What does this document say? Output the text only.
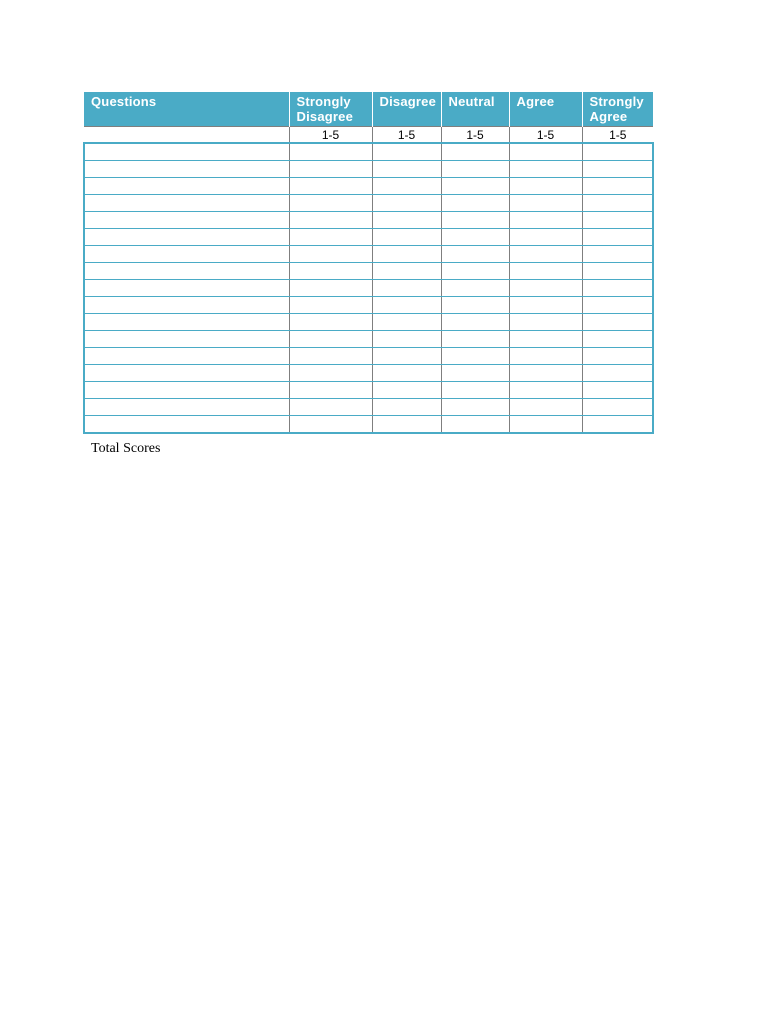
Questions	Strongly Disagree	Disagree	Neutral	Agree	Strongly Agree
	1-5	1-5	1-5	1-5	1-5

Total Scores
